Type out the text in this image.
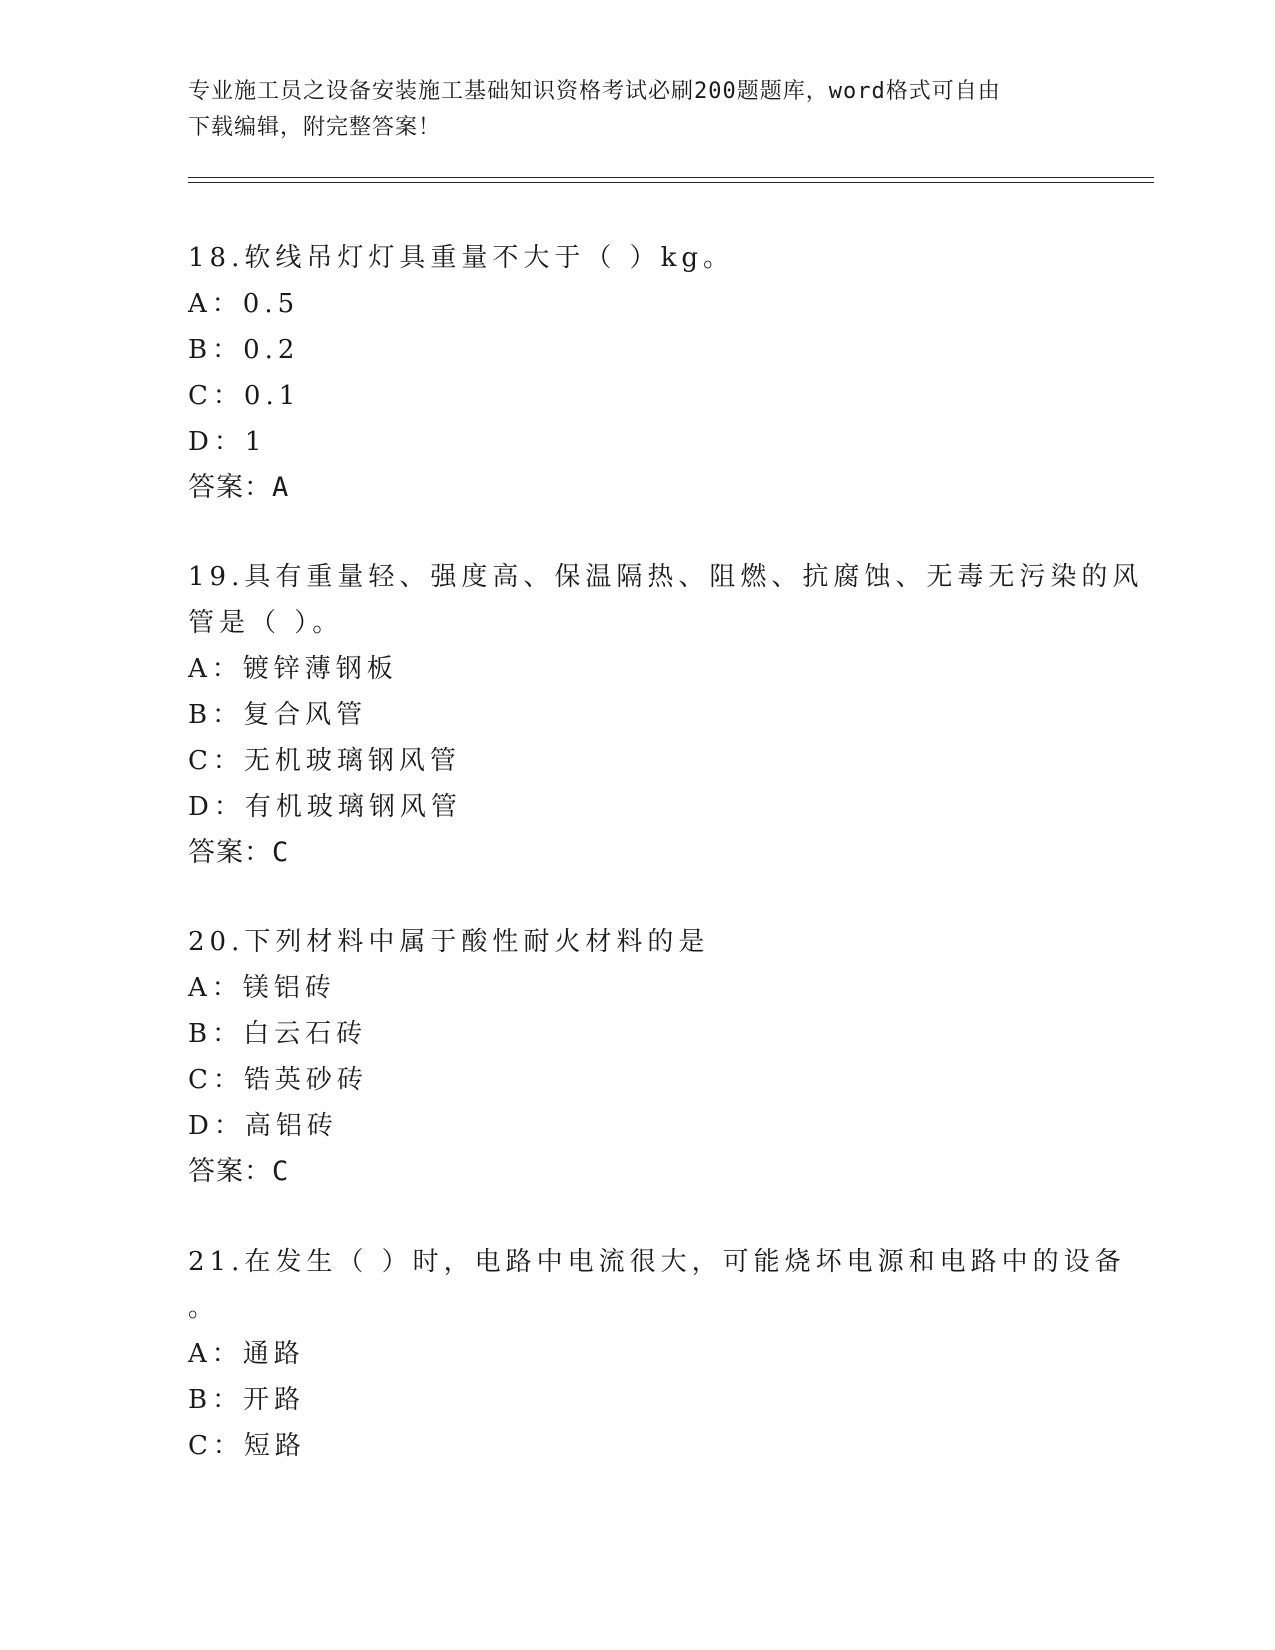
专业施工员之设备安装施工基础知识资格考试必刷200题题库，word格式可自由
下载编辑，附完整答案！
18.软线吊灯灯具重量不大于（ ）kg。
A：0.5
B：0.2
C：0.1
D：1
答案：A
19.具有重量轻、强度高、保温隔热、阻燃、抗腐蚀、无毒无污染的风
管是（ ）。
A：镀锌薄钢板
B：复合风管
C：无机玻璃钢风管
D：有机玻璃钢风管
答案：C
20.下列材料中属于酸性耐火材料的是
A：镁铝砖
B：白云石砖
C：锆英砂砖
D：高铝砖
答案：C
21.在发生（ ）时，电路中电流很大，可能烧坏电源和电路中的设备
。
A：通路
B：开路
C：短路
